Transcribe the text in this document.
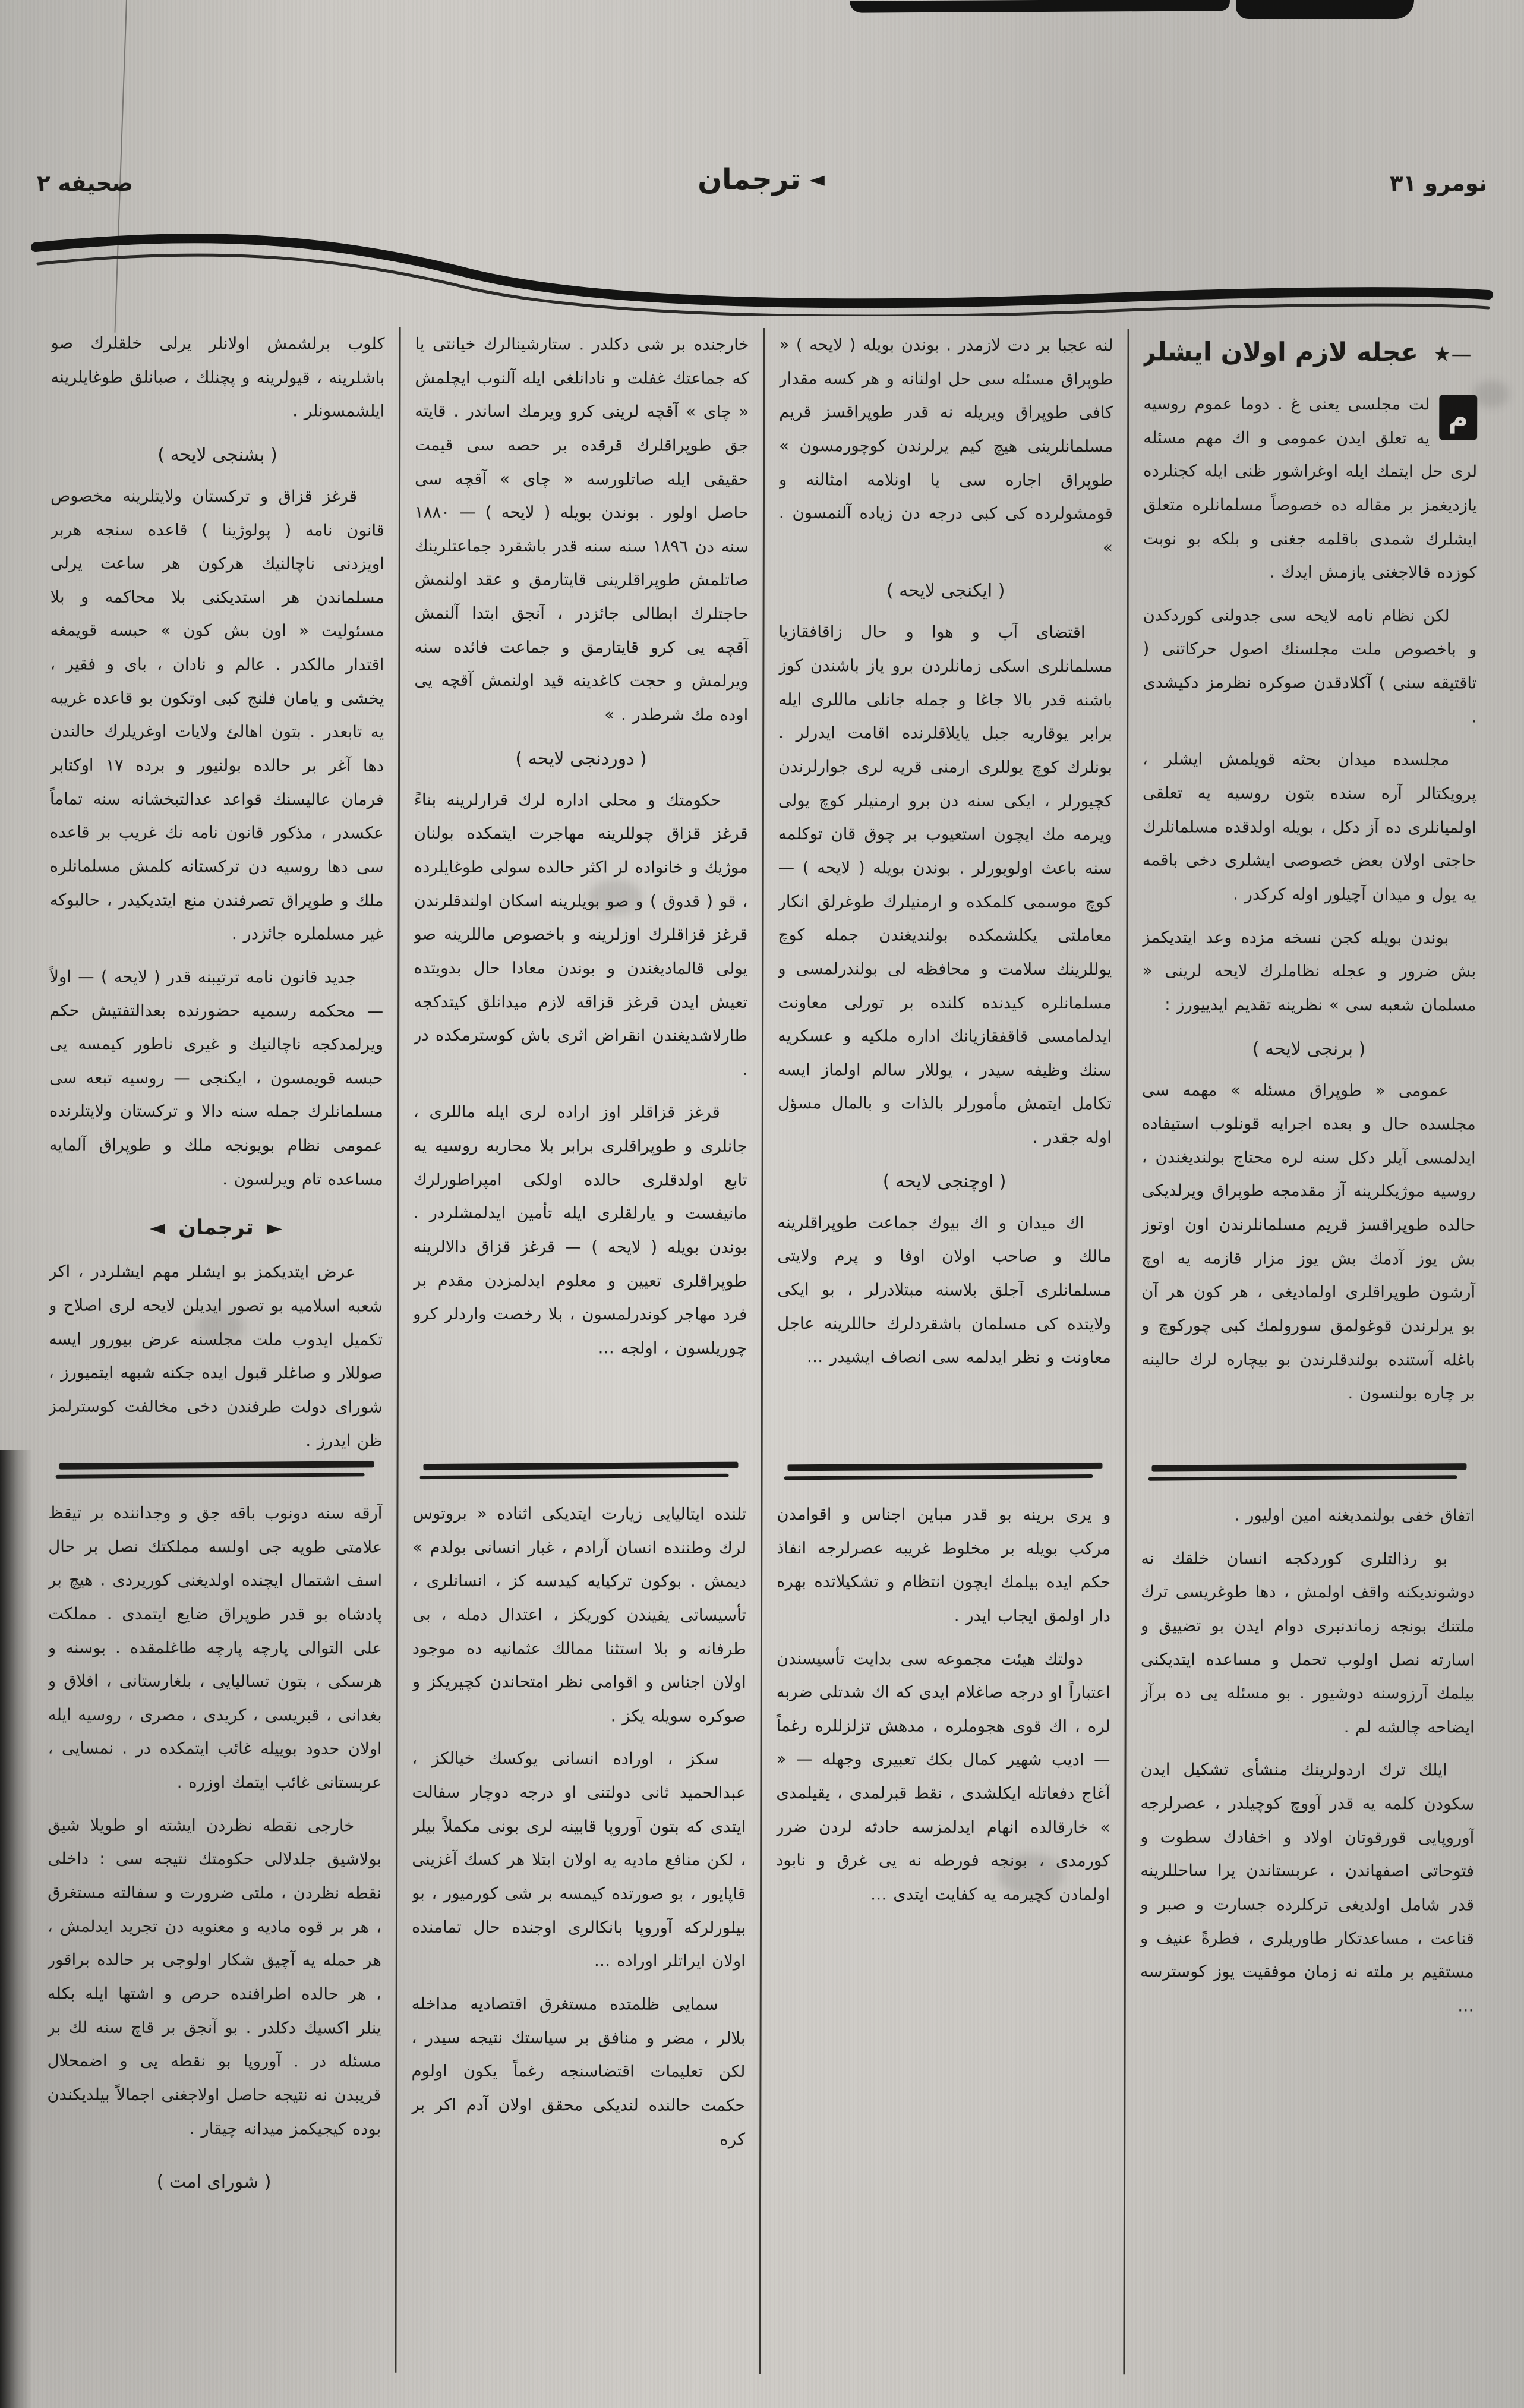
نومرو ٣١
◄
ترجمان
صحيفه ٢
★— عجله لازم اولان ايشلر

م
لت مجلسى يعنى غ . دوما عموم روسيه يه تعلق ايدن عمومى و اك مهم مسئله لرى حل ايتمك ايله اوغراشور ظنى ايله كجنلرده يازديغمز بر مقاله ده خصوصاً مسلمانلره متعلق ايشلرك شمدى باقلمه جغنى و بلكه بو نوبت كوزده قالاجغنى يازمش ايدك .

لكن نظام نامه لايحه سى جدولنى كوردكدن و باخصوص ملت مجلسنك اصول حركاتنى ( تاقتيقه سنى ) آكلادقدن صوكره نظرمز دكيشدى .

مجلسده ميدان بحثه قويلمش ايشلر ، پرويكتالر آره سنده بتون روسيه يه تعلقى اولميانلرى ده آز دكل ، بويله اولدقده مسلمانلرك حاجتى اولان بعض خصوصى ايشلرى دخى باقمه يه يول و ميدان آچيلور اوله كركدر .

بوندن بويله كجن نسخه مزده وعد ايتديكمز بش ضرور و عجله نظاملرك لايحه لرينى « مسلمان شعبه سى » نظرينه تقديم ايدييورز :

( برنجى لايحه )

عمومى « طوپراق مسئله » مهمه سى مجلسده حال و بعده اجرايه قونلوب استيفاده ايدلمسى آيلر دكل سنه لره محتاج بولنديغندن ، روسيه موژيكلرينه آز مقدمجه طوپراق ويرلديكى حالده طوپراقسز قريم مسلمانلرندن اون اوتوز بش يوز آدمك بش يوز مزار قازمه يه اوچ آرشون طوپراقلرى اولماديغى ، هر كون هر آن بو يرلرندن قوغولمق سورولمك كبى چوركوچ و باغله آستنده بولندقلرندن بو بيچاره لرك حالينه بر چاره بولنسون .

اتفاق خفى بولنمديغنه امين اوليور .

بو رذالتلرى كوردكجه انسان خلقك نه دوشونديكنه واقف اولمش ، دها طوغريسى ترك ملتنك بونجه زماندنبرى دوام ايدن بو تضييق و اسارته نصل اولوب تحمل و مساعده ايتديكنى بيلمك آرزوسنه دوشيور . بو مسئله يى ده برآز ايضاحه چالشه لم .

ايلك ترك اردولرينك منشأى تشكيل ايدن سكودن كلمه يه قدر آووچ كوچيلدر ، عصرلرجه آوروپايى قورقوتان اولاد و اخفادك سطوت و فتوحاتى اصفهاندن ، عربستاندن يرا ساحللرينه قدر شامل اولديغى تركلرده جسارت و صبر و قناعت ، مساعدتكار طاوريلرى ، فطرةً عنيف و مستقيم بر ملته نه زمان موفقيت يوز كوسترسه …

لنه عجبا بر دت لازمدر . بوندن بويله ( لايحه ) « طوپراق مسئله سى حل اولنانه و هر كسه مقدار كافى طوپراق ويريله نه قدر طوپراقسز قريم مسلمانلرينى هيچ كيم يرلرندن كوچورمسون » طوپراق اجاره سى يا اونلامه امثالنه و قومشولرده كى كبى درجه دن زياده آلنمسون . »

( ايكنجى لايحه )

اقتضاى آب و هوا و حال زاقافقازيا مسلمانلرى اسكى زمانلردن برو ياز باشندن كوز باشنه قدر بالا جاغا و جمله جانلى ماللرى ايله برابر يوقاريه جبل يايلاقلرنده اقامت ايدرلر . بونلرك كوچ يوللرى ارمنى قريه لرى جوارلرندن كچيورلر ، ايكى سنه دن برو ارمنيلر كوچ يولى ويرمه مك ايچون استعيوب بر چوق قان توكلمه سنه باعث اولويورلر . بوندن بويله ( لايحه ) — كوچ موسمى كلمكده و ارمنيلرك طوغرلق انكار معاملتى يكلشمكده بولنديغندن جمله كوچ يوللرينك سلامت و محافظه لى بولندرلمسى و مسلمانلره كيدنده كلنده بر تورلى معاونت ايدلمامسى قاقفقازيانك اداره ملكيه و عسكريه سنك وظيفه سيدر ، يوللار سالم اولماز ايسه تكامل ايتمش مأمورلر بالذات و بالمال مسؤل اوله جقدر .

( اوچنجى لايحه )

اك ميدان و اك بيوك جماعت طوپراقلرينه مالك و صاحب اولان اوفا و پرم ولايتى مسلمانلرى آجلق بلاسنه مبتلادرلر ، بو ايكى ولايتده كى مسلمان باشقردلرك حاللرينه عاجل معاونت و نظر ايدلمه سى انصاف ايشيدر …

و يرى برينه بو قدر مباين اجناس و اقوامدن مركب بويله بر مخلوط غريبه عصرلرجه انفاذ حكم ايده بيلمك ايچون انتظام و تشكيلاتده بهره دار اولمق ايجاب ايدر .

دولتك هيئت مجموعه سى بدايت تأسيسندن اعتباراً او درجه صاغلام ايدى كه اك شدتلى ضربه لره ، اك قوى هجوملره ، مدهش تزلزللره رغماً — اديب شهير كمال بكك تعبيرى وجهله — « آغاج دفعاتله ايكلشدى ، نقط قبرلمدى ، يقيلمدى » خارقالده انهام ايدلمزسه حادثه لردن ضرر كورمدى ، بونجه فورطه نه يى غرق و نابود اولمادن كچيرمه يه كفايت ايتدى …

خارجنده بر شى دكلدر . ستارشينالرك خيانتى يا كه جماعتك غفلت و نادانلغى ايله آلنوب ايچلمش « چاى » آقچه لرينى كرو ويرمك اساندر . قايته جق طوپراقلرك قرقده بر حصه سى قيمت حقيقى ايله صاتلورسه « چاى » آقچه سى حاصل اولور . بوندن بويله ( لايحه ) — ١٨٨٠ سنه دن ١٨٩٦ سنه سنه قدر باشقرد جماعتلرينك صاتلمش طوپراقلرينى قايتارمق و عقد اولنمش حاجتلرك ابطالى جائزدر ، آنجق ابتدا آلنمش آقچه يى كرو قايتارمق و جماعت فائده سنه ويرلمش و حجت كاغدينه قيد اولنمش آقچه يى اوده مك شرطدر . »

( دوردنجى لايحه )

حكومتك و محلى اداره لرك قرارلرينه بناءً قرغز قزاق چوللرينه مهاجرت ايتمكده بولنان موژيك و خانواده لر اكثر حالده سولى طوغايلرده ، قو ( قدوق ) و صو بويلرينه اسكان اولندقلرندن قرغز قزاقلرك اوزلرينه و باخصوص ماللرينه صو يولى قالماديغندن و بوندن معادا حال بدويتده تعيش ايدن قرغز قزاقه لازم ميدانلق كيتدكجه طارلاشديغندن انقراض اثرى باش كوسترمكده در .

قرغز قزاقلر اوز اراده لرى ايله ماللرى ، جانلرى و طوپراقلرى برابر بلا محاربه روسيه يه تابع اولدقلرى حالده اولكى امپراطورلرك مانيفست و يارلقلرى ايله تأمين ايدلمشلردر . بوندن بويله ( لايحه ) — قرغز قزاق دالالرينه طوپراقلرى تعيين و معلوم ايدلمزدن مقدم بر فرد مهاجر كوندرلمسون ، بلا رخصت واردلر كرو چوريلسون ، اولجه …

تلنده ايتاليايى زيارت ايتديكى اثناده « بروتوس لرك وطننده انسان آرادم ، غبار انسانى بولدم » ديمش . بوكون تركيايه كيدسه كز ، انسانلرى ، تأسيساتى يقيندن كوريكز ، اعتدال دمله ، بى طرفانه و بلا استثنا ممالك عثمانيه ده موجود اولان اجناس و اقوامى نظر امتحاندن كچيريكز و صوكره سويله يكز .

سكز ، اوراده انسانى يوكسك خيالكز ، عبدالحميد ثانى دولتنى او درجه دوچار سفالت ايتدى كه بتون آوروپا قابينه لرى بونى مكملاً بيلر ، لكن منافع ماديه يه اولان ابتلا هر كسك آغزينى قاپايور ، بو صورتده كيمسه بر شى كورميور ، بو بيلورلركه آوروپا بانكالرى اوجنده حال تمامنده اولان ايراتلر اوراده …

سمايى ظلمتده مستغرق اقتصاديه مداخله بلالر ، مضر و منافق بر سياستك نتيجه سيدر ، لكن تعليمات اقتضاسنجه رغماً يكون اولوم حكمت حالنده لنديكى محقق اولان آدم اكر بر كره

كلوب برلشمش اولانلر يرلى خلقلرك صو باشلرينه ، قيولرينه و پچنلك ، صبانلق طوغايلرينه ايلشمسونلر .

( بشنجى لايحه )

قرغز قزاق و تركستان ولايتلرينه مخصوص قانون نامه ( پولوژينا ) قاعده سنجه هربر اويزدنى ناچالنيك هركون هر ساعت يرلى مسلماندن هر استديكنى بلا محاكمه و بلا مسئوليت « اون بش كون » حبسه قويمغه اقتدار مالكدر . عالم و نادان ، باى و فقير ، يخشى و يامان فلنج كبى اوتكون بو قاعده غريبه يه تابعدر . بتون اهالئ ولايات اوغريلرك حالندن دها آغر بر حالده بولنيور و برده ١٧ اوكتابر فرمان عاليسنك قواعد عدالتبخشانه سنه تماماً عكسدر ، مذكور قانون نامه نك غريب بر قاعده سى دها روسيه دن تركستانه كلمش مسلمانلره ملك و طوپراق تصرفندن منع ايتديكيدر ، حالبوكه غير مسلملره جائزدر .

جديد قانون نامه ترتيبنه قدر ( لايحه ) — اولاً — محكمه رسميه حضورنده بعدالتفتيش حكم ويرلمدكجه ناچالنيك و غيرى ناطور كيمسه يى حبسه قويمسون ، ايكنجى — روسيه تبعه سى مسلمانلرك جمله سنه دالا و تركستان ولايتلرنده عمومى نظام بويونجه ملك و طوپراق آلمايه مساعده تام ويرلسون .

► ترجمان ◄

عرض ايتديكمز بو ايشلر مهم ايشلردر ، اكر شعبه اسلاميه بو تصور ايديلن لايحه لرى اصلاح و تكميل ايدوب ملت مجلسنه عرض بيورور ايسه صوللار و صاغلر قبول ايده جكنه شبهه ايتميورز ، شوراى دولت طرفندن دخى مخالفت كوسترلمز ظن ايدرز .

آرقه سنه دونوب باقه جق و وجداننده بر تيقظ علامتى طويه جى اولسه مملكتك نصل بر حال اسف اشتمال ايچنده اولديغنى كوريردى . هيچ بر پادشاه بو قدر طوپراق ضايع ايتمدى . مملكت على التوالى پارچه پارچه طاغلمقده . بوسنه و هرسكى ، بتون تساليايى ، بلغارستانى ، افلاق و بغدانى ، قبريسى ، كريدى ، مصرى ، روسيه ايله اولان حدود بوييله غائب ايتمكده در . نمسايى ، عربستانى غائب ايتمك اوزره .

خارجى نقطه نظردن ايشته او طويلا شيق بولاشيق جلدلالى حكومتك نتيجه سى : داخلى نقطه نظردن ، ملتى ضرورت و سفالته مستغرق ، هر بر قوه ماديه و معنويه دن تجريد ايدلمش ، هر حمله يه آچيق شكار اولوجى بر حالده براقور ، هر حالده اطرافنده حرص و اشتها ايله بكله ينلر اكسيك دكلدر . بو آنجق بر قاچ سنه لك بر مسئله در . آوروپا بو نقطه يى و اضمحلال قريبدن نه نتيجه حاصل اولاجغنى اجمالاً بيلديكندن بوده كيجيكمز ميدانه چيقار .

( شوراى امت )
